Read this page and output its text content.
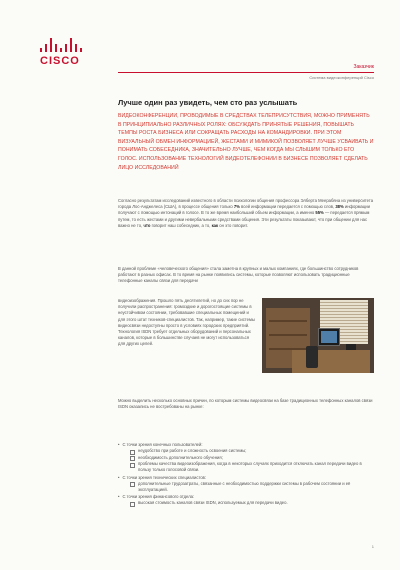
CISCO	Заказчик
Система видеоконференций Cisco
Лучше один раз увидеть, чем сто раз услышать
ВИДЕОКОНФЕРЕНЦИИ, ПРОВОДИМЫЕ В СРЕДСТВАХ ТЕЛЕПРИСУТСТВИЯ, МОЖНО ПРИМЕНЯТЬ В ПРИНЦИПИАЛЬНО РАЗЛИЧНЫХ РОЛЯХ: ОБСУЖДАТЬ ПРИНЯТЫЕ РЕШЕНИЯ, ПОВЫШАТЬ ТЕМПЫ РОСТА БИЗНЕСА ИЛИ СОКРАЩАТЬ РАСХОДЫ НА КОМАНДИРОВКИ. ПРИ ЭТОМ ВИЗУАЛЬНЫЙ ОБМЕН ИНФОРМАЦИЕЙ, ЖЕСТАМИ И МИМИКОЙ ПОЗВОЛЯЕТ ЛУЧШЕ УСВАИВАТЬ И ПОНИМАТЬ СОБЕСЕДНИКА, ЗНАЧИТЕЛЬНО ЛУЧШЕ, ЧЕМ КОГДА МЫ СЛЫШИМ ТОЛЬКО ЕГО ГОЛОС. ИСПОЛЬЗОВАНИЕ ТЕХНОЛОГИЙ ВИДЕОТЕЛЕФОНИИ В БИЗНЕСЕ ПОЗВОЛЯЕТ СДЕЛАТЬ ЛИЦО ИССЛЕДОВАНИЙ
Согласно результатам исследований известного в области психологии общения профессора Элберта Меерабяна из университета города Лос-Анджелеса (США), в процессе общения только 7% всей информации передается с помощью слов, 38% информации получают с помощью интонаций в голосе. В то же время наибольший объем информации, а именно 55% — передается прямым путем, то есть жестами и другими невербальными средствами общения. Эти результаты показывают, что при общении для нас важно не то, что говорит наш собеседник, а то, как он это говорит.
В данной проблеме «человеческого общения» стала заметна в крупных и малых компаниях, где большинство сотрудников работают в разных офисах. В то время на рынке появились системы, которые позволяют использовать традиционные телефонные каналы связи для передачи
видеоизображения. Прошло пять десятилетий, но до сих пор не получили распространения: громоздкие и дорогостоящие системы в неустойчивом состоянии, требовавшие специальных помещений и для этого штат техников-специалистов. Так, например, такие системы видеосвязи недоступны просто в условиях городских предприятий. Технология ISDN требует отдельных оборудований и персональных каналов, которые в большинстве случаев не могут использоваться для других целей.
Можно выделить несколько основных причин, по которым системы видеосвязи на базе традиционных телефонных каналов связи ISDN оказались не востребованы на рынке:
• С точки зрения конечных пользователей:
неудобство при работе и сложность освоения системы;
необходимость дополнительного обучения;
проблемы качества видеоизображения, когда в некоторых случаях приходится отключать канал передачи видео в пользу только голосовой связи.
• С точки зрения технических специалистов:
дополнительные трудозатраты, связанные с необходимостью поддержки системы в рабочем состоянии и её эксплуатацией.
• С точки зрения финансового отдела:
высокая стоимость каналов связи ISDN, используемых для передачи видео.
1
